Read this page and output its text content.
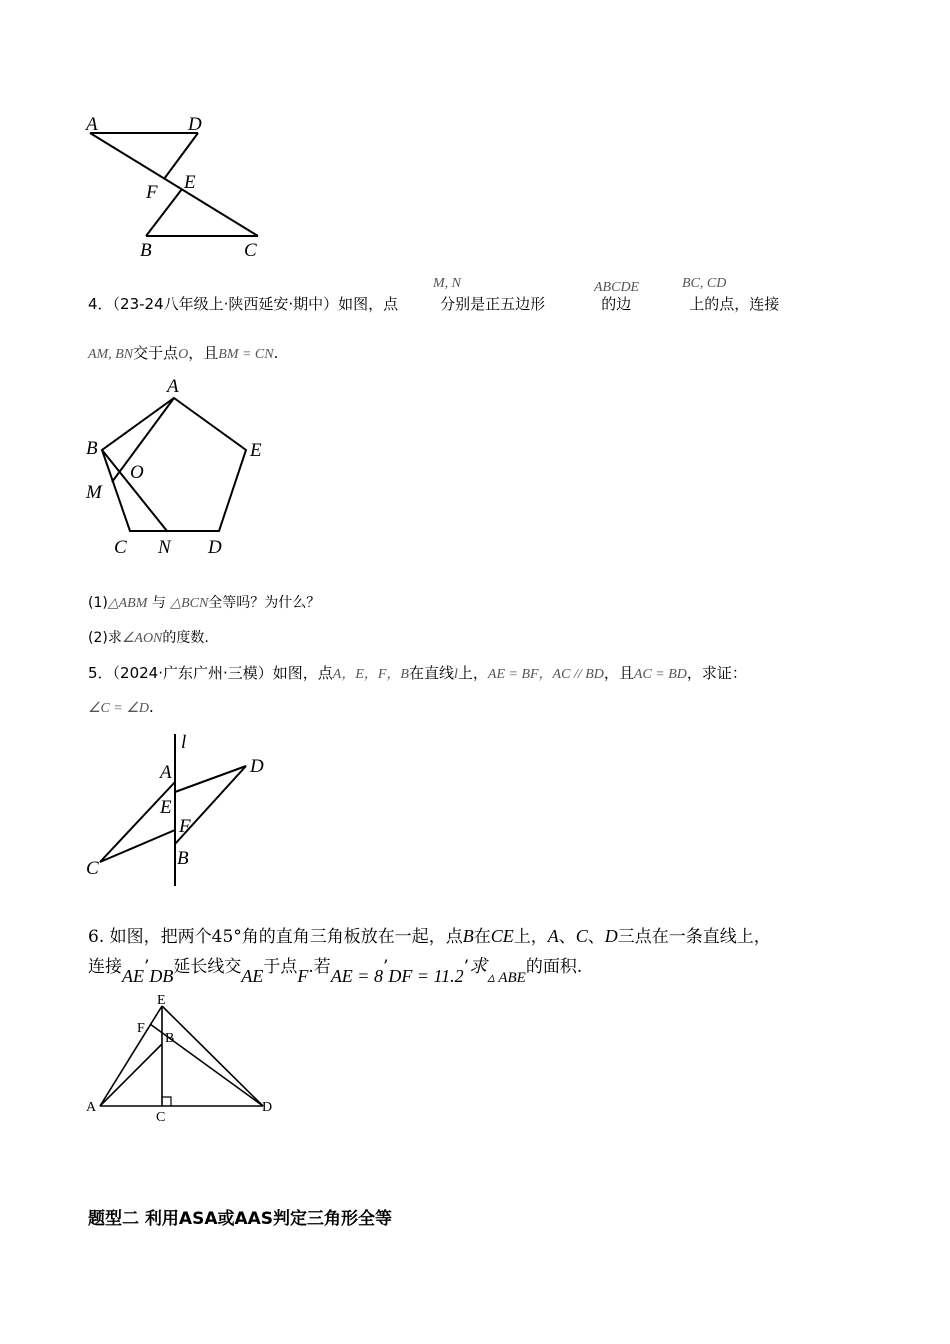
A	D
F E
B	C
M, N	ABCDE	BC, CD
4．（23-24八年级上·陕西延安·期中）如图，点	分别是正五边形	的边	上的点，连接
AM, BN交于点O，且BM = CN.
A
B	E
O
M
C N D
(1)△ABM 与 △BCN全等吗？为什么？
(2)求∠AON的度数.
5．（2024·广东广州·三模）如图，点A，E，F，B在直线l上，AE = BF，AC // BD，且AC = BD，求证：
∠C = ∠D.
l
A	D
E
F
B
C
6. 如图，把两个45°角的直角三角板放在一起，点B在CE上，A、C、D三点在一条直线上，
连接AE’DB延长线交AE于点F.若AE = 8’DF = 11.2’求▵ ABE的面积.
E
F
B
A
C
D
题型二 利用ASA或AAS判定三角形全等
